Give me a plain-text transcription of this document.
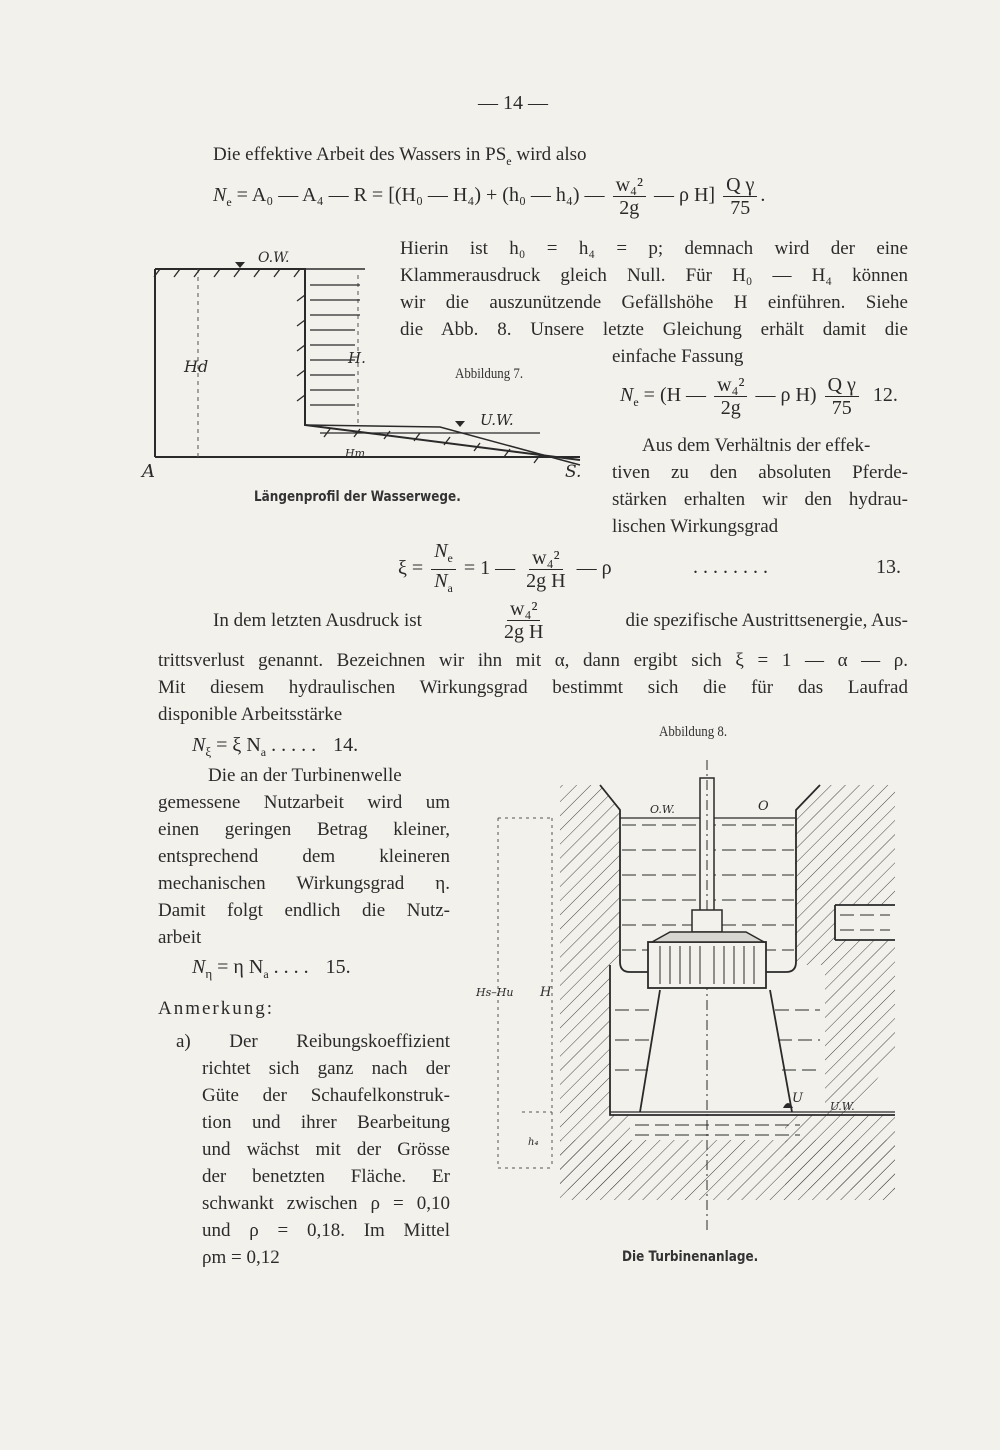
— 14 —
Die effektive Arbeit des Wassers in $PS_e$ wird also
$N_e = A_0$ — A₄ — R = [(H₀ — H₄) + (h₀ — h₄) — $\frac{\text{w₄²}}{2g}$ — ρ $H] \frac{\text{Q γ}}{75}$ .
O.W.
Hd	H.
U.W.
Hm
A	S.
Abbildung 7.
Längenprofil der Wasserwege.
Hierin ist h₀ = h₄ = p; demnach wird der eine
Klammerausdruck gleich Null. Für H₀ — H₄ können
wir die auszunützende Gefällshöhe H einführen. Siehe
die Abb. 8. Unsere letzte Gleichung erhält damit die
einfache Fassung
$N_e = (H$ — $\frac{\text{w₄²}}{2g}$ — ρ $H) \frac{\text{Q γ}}{75} 12$.
Aus dem Verhältnis der effek-
tiven zu den absoluten Pferde-
stärken erhalten wir den hydrau-
lischen Wirkungsgrad
$\xi = \frac{N_e}{N_a} = 1$ — $\frac{\text{w₄²}}{\text{2g H}}$ — ρ	. . . . . . . .	13.
In dem letzten Ausdruck ist	$\frac{\text{w₄²}}{\text{2g H}}$	die spezifische Austrittsenergie, Aus-
trittsverlust genannt. Bezeichnen wir ihn mit α, dann ergibt sich ξ = 1 — α — ρ.
Mit diesem hydraulischen Wirkungsgrad bestimmt sich die für das Laufrad
disponible Arbeitsstärke
$N_\xi = \xi$ $N_a$ . . . . . 14.
Die an der Turbinenwelle
gemessene Nutzarbeit wird um
einen geringen Betrag kleiner,
entsprechend dem kleineren
mechanischen Wirkungsgrad η.
Damit folgt endlich die Nutz-
arbeit
$N_\eta = \eta$ $N_a$ . . . . 15.
Anmerkung:
a) Der Reibungskoeffizient
richtet sich ganz nach der
Güte der Schaufelkonstruk-
tion und ihrer Bearbeitung
und wächst mit der Grösse
der benetzten Fläche. Er
schwankt zwischen ρ = 0,10
und ρ = 0,18. Im Mittel
ρm = 0,12
Abbildung 8.
O.W.	O
Hs–Hu H
U
U.W.
h₄
Die Turbinenanlage.
